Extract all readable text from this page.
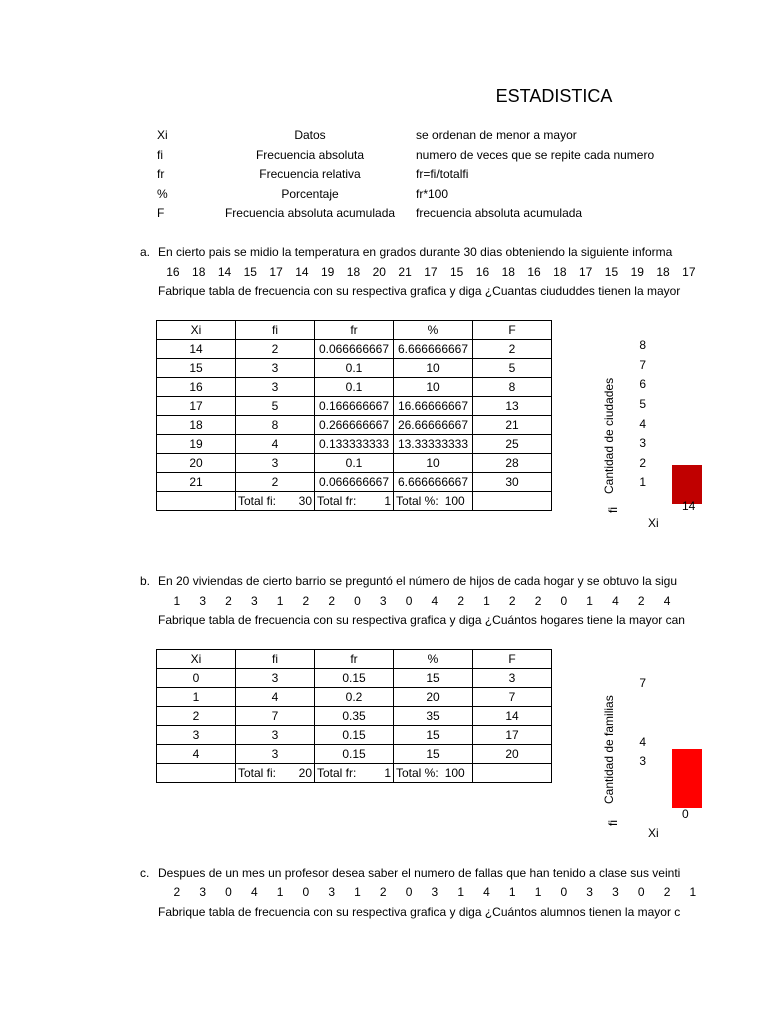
ESTADISTICA
Xi	Datos	se ordenan de menor a mayor
fi	Frecuencia absoluta	numero de veces que se repite cada numero
fr	Frecuencia relativa	fr=fi/totalfi
%	Porcentaje	fr*100
F	Frecuencia absoluta acumulada	frecuencia absoluta acumulada
a. En cierto pais se midio la temperatura en grados durante 30 dias obteniendo la siguiente informa
16 18 14 15 17 14 19 18 20 21 17 15 16 18 16 18 17 15 19 18 17
Fabrique tabla de frecuencia con su respectiva grafica y diga ¿Cuantas ciududdes tienen la mayor
Xi	fi	fr	%	F
14	2	0.066666667	6.666666667	2
15	3	0.1	10	5
16	3	0.1	10	8
17	5	0.166666667	16.66666667	13
18	8	0.266666667	26.66666667	21
19	4	0.133333333	13.33333333	25
20	3	0.1	10	28
21	2	0.066666667	6.666666667	30

	Total fi: 30	Total fr: 1	Total %: 100	

Cantidad de ciudades
fi
8
7
6
5
4
3
2
1
14
Xi
b. En 20 viviendas de cierto barrio se preguntó el número de hijos de cada hogar y se obtuvo la sigu
1 3 2 3 1 2 2 0 3 0 4 2 1 2 2 0 1 4 2 4
Fabrique tabla de frecuencia con su respectiva grafica y diga ¿Cuántos hogares tiene la mayor can
Xi	fi	fr	%	F
0	3	0.15	15	3
1	4	0.2	20	7
2	7	0.35	35	14
3	3	0.15	15	17
4	3	0.15	15	20

	Total fi: 20	Total fr: 1	Total %: 100	
		Cantidad de familias
fi
7
4
3
0
Xi
c. Despues de un mes un profesor desea saber el numero de fallas que han tenido a clase sus veinti
2 3 0 4 1 0 3 1 2 0 3 1 4 1 1 0 3 3 0 2 1
Fabrique tabla de frecuencia con su respectiva grafica y diga ¿Cuántos alumnos tienen la mayor c
